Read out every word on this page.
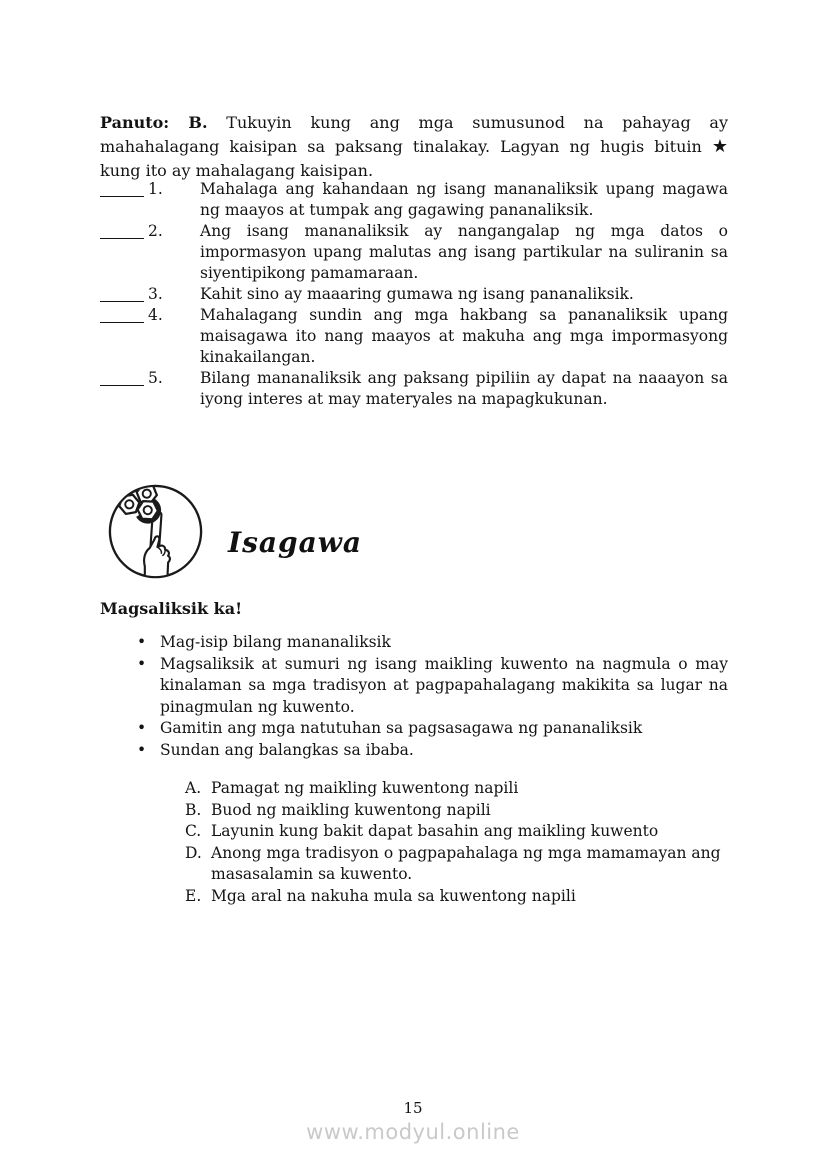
Panuto: B. Tukuyin kung ang mga sumusunod na pahayag ay mahahalagang kaisipan sa paksang tinalakay. Lagyan ng hugis bituin ★ kung ito ay mahalagang kaisipan.

1.	Mahalaga ang kahandaan ng isang mananaliksik upang magawa ng maayos at tumpak ang gagawing pananaliksik.
2.	Ang isang mananaliksik ay nangangalap ng mga datos o impormasyon upang malutas ang isang partikular na suliranin sa siyentipikong pamamaraan.
3.	Kahit sino ay maaaring gumawa ng isang pananaliksik.
4.	Mahalagang sundin ang mga hakbang sa pananaliksik upang maisagawa ito nang maayos at makuha ang mga impormasyong kinakailangan.
5.	Bilang mananaliksik ang paksang pipiliin ay dapat na naaayon sa iyong interes at may materyales na mapagkukunan.
Isagawa
Magsaliksik ka!
• Mag-isip bilang mananaliksik
• Magsaliksik at sumuri ng isang maikling kuwento na nagmula o may kinalaman sa mga tradisyon at pagpapahalagang makikita sa lugar na pinagmulan ng kuwento.
• Gamitin ang mga natutuhan sa pagsasagawa ng pananaliksik
• Sundan ang balangkas sa ibaba.
A. Pamagat ng maikling kuwentong napili
B. Buod ng maikling kuwentong napili
C. Layunin kung bakit dapat basahin ang maikling kuwento
D. Anong mga tradisyon o pagpapahalaga ng mga mamamayan ang masasalamin sa kuwento.
E. Mga aral na nakuha mula sa kuwentong napili
15
www.modyul.online
